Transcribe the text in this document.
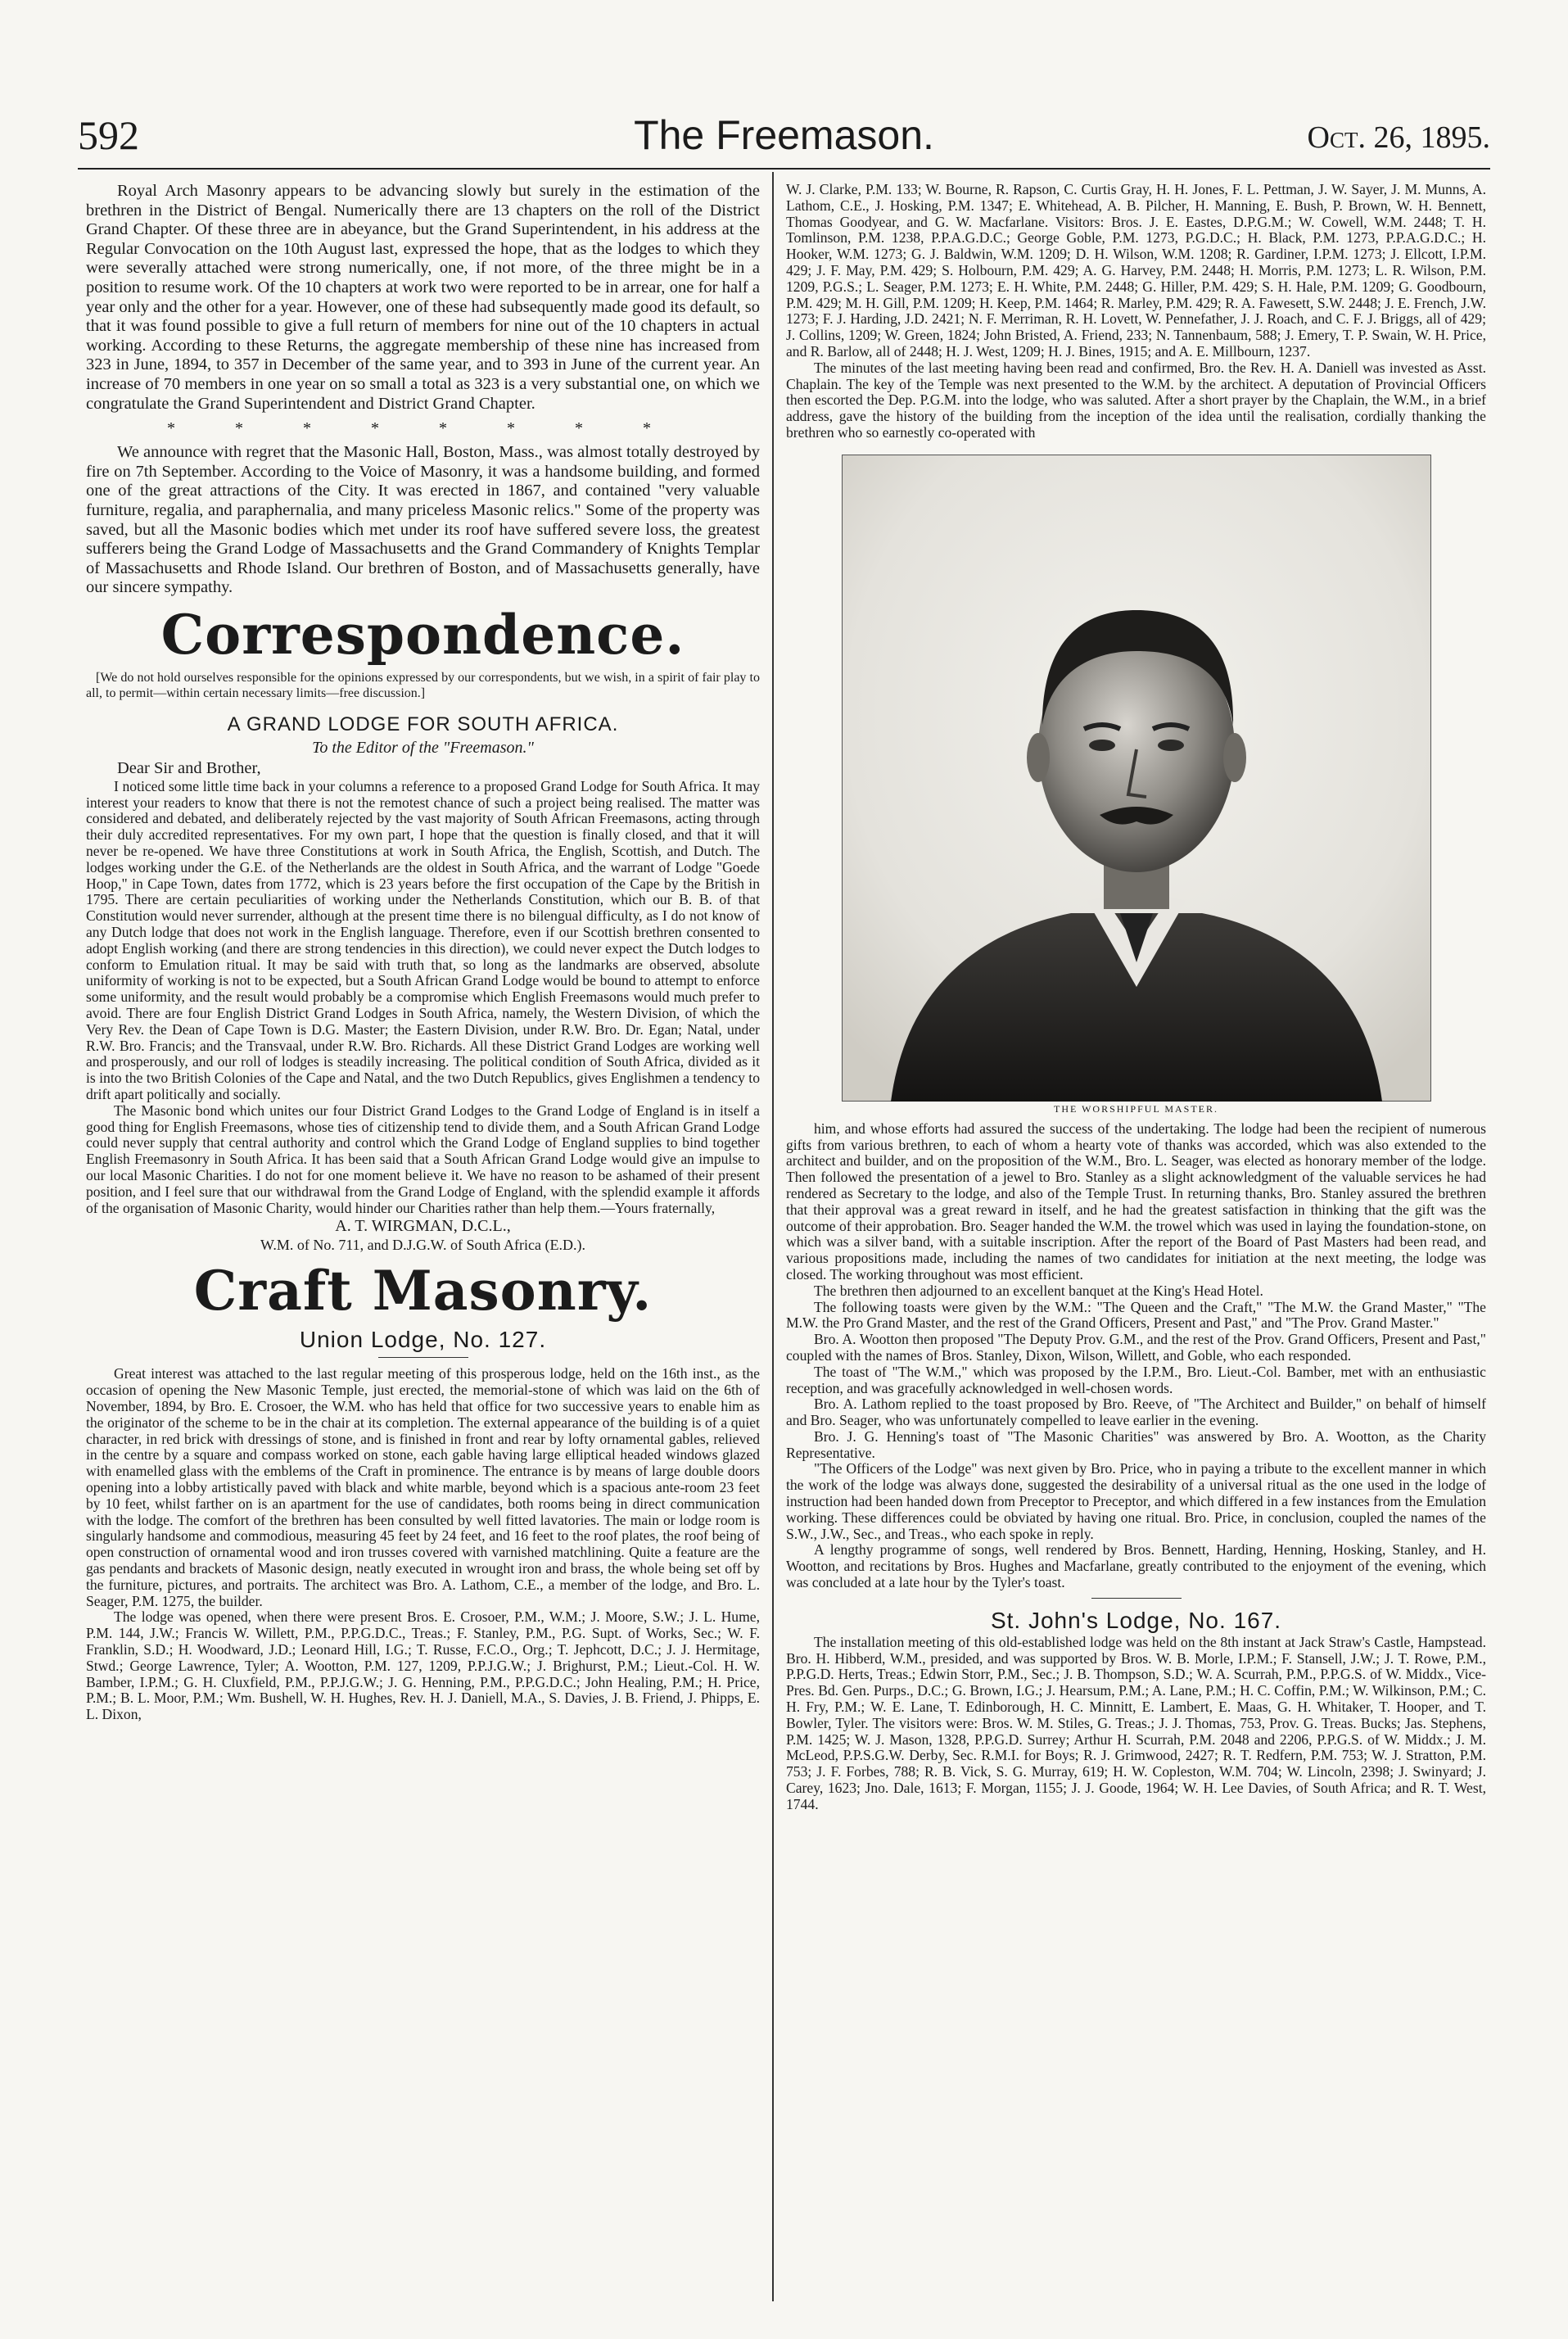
592	The Freemason.	Oct. 26, 1895.

Royal Arch Masonry appears to be advancing slowly but surely in the estimation of the brethren in the District of Bengal. Numerically there are 13 chapters on the roll of the District Grand Chapter. Of these three are in abeyance, but the Grand Superintendent, in his address at the Regular Convocation on the 10th August last, expressed the hope, that as the lodges to which they were severally attached were strong numerically, one, if not more, of the three might be in a position to resume work. Of the 10 chapters at work two were reported to be in arrear, one for half a year only and the other for a year. However, one of these had subsequently made good its default, so that it was found possible to give a full return of members for nine out of the 10 chapters in actual working. According to these Returns, the aggregate membership of these nine has increased from 323 in June, 1894, to 357 in December of the same year, and to 393 in June of the current year. An increase of 70 members in one year on so small a total as 323 is a very substantial one, on which we congratulate the Grand Superintendent and District Grand Chapter.

* * * * * * * *

We announce with regret that the Masonic Hall, Boston, Mass., was almost totally destroyed by fire on 7th September. According to the Voice of Masonry, it was a handsome building, and formed one of the great attractions of the City. It was erected in 1867, and contained "very valuable furniture, regalia, and paraphernalia, and many priceless Masonic relics." Some of the property was saved, but all the Masonic bodies which met under its roof have suffered severe loss, the greatest sufferers being the Grand Lodge of Massachusetts and the Grand Commandery of Knights Templar of Massachusetts and Rhode Island. Our brethren of Boston, and of Massachusetts generally, have our sincere sympathy.

Correspondence.

[We do not hold ourselves responsible for the opinions expressed by our correspondents, but we wish, in a spirit of fair play to all, to permit—within certain necessary limits—free discussion.]

A GRAND LODGE FOR SOUTH AFRICA.
To the Editor of the "Freemason."
Dear Sir and Brother,

I noticed some little time back in your columns a reference to a proposed Grand Lodge for South Africa. It may interest your readers to know that there is not the remotest chance of such a project being realised. The matter was considered and debated, and deliberately rejected by the vast majority of South African Freemasons, acting through their duly accredited representatives. For my own part, I hope that the question is finally closed, and that it will never be re-opened. We have three Constitutions at work in South Africa, the English, Scottish, and Dutch. The lodges working under the G.E. of the Netherlands are the oldest in South Africa, and the warrant of Lodge "Goede Hoop," in Cape Town, dates from 1772, which is 23 years before the first occupation of the Cape by the British in 1795. There are certain peculiarities of working under the Netherlands Constitution, which our B. B. of that Constitution would never surrender, although at the present time there is no bilengual difficulty, as I do not know of any Dutch lodge that does not work in the English language. Therefore, even if our Scottish brethren consented to adopt English working (and there are strong tendencies in this direction), we could never expect the Dutch lodges to conform to Emulation ritual. It may be said with truth that, so long as the landmarks are observed, absolute uniformity of working is not to be expected, but a South African Grand Lodge would be bound to attempt to enforce some uniformity, and the result would probably be a compromise which English Freemasons would much prefer to avoid. There are four English District Grand Lodges in South Africa, namely, the Western Division, of which the Very Rev. the Dean of Cape Town is D.G. Master; the Eastern Division, under R.W. Bro. Dr. Egan; Natal, under R.W. Bro. Francis; and the Transvaal, under R.W. Bro. Richards. All these District Grand Lodges are working well and prosperously, and our roll of lodges is steadily increasing. The political condition of South Africa, divided as it is into the two British Colonies of the Cape and Natal, and the two Dutch Republics, gives Englishmen a tendency to drift apart politically and socially.

The Masonic bond which unites our four District Grand Lodges to the Grand Lodge of England is in itself a good thing for English Freemasons, whose ties of citizenship tend to divide them, and a South African Grand Lodge could never supply that central authority and control which the Grand Lodge of England supplies to bind together English Freemasonry in South Africa. It has been said that a South African Grand Lodge would give an impulse to our local Masonic Charities. I do not for one moment believe it. We have no reason to be ashamed of their present position, and I feel sure that our withdrawal from the Grand Lodge of England, with the splendid example it affords of the organisation of Masonic Charity, would hinder our Charities rather than help them.—Yours fraternally,

A. T. WIRGMAN, D.C.L.,
W.M. of No. 711, and D.J.G.W. of South Africa (E.D.).
Craft Masonry.
Union Lodge, No. 127.

Great interest was attached to the last regular meeting of this prosperous lodge, held on the 16th inst., as the occasion of opening the New Masonic Temple, just erected, the memorial-stone of which was laid on the 6th of November, 1894, by Bro. E. Crosoer, the W.M. who has held that office for two successive years to enable him as the originator of the scheme to be in the chair at its completion. The external appearance of the building is of a quiet character, in red brick with dressings of stone, and is finished in front and rear by lofty ornamental gables, relieved in the centre by a square and compass worked on stone, each gable having large elliptical headed windows glazed with enamelled glass with the emblems of the Craft in prominence. The entrance is by means of large double doors opening into a lobby artistically paved with black and white marble, beyond which is a spacious ante-room 23 feet by 10 feet, whilst farther on is an apartment for the use of candidates, both rooms being in direct communication with the lodge. The comfort of the brethren has been consulted by well fitted lavatories. The main or lodge room is singularly handsome and commodious, measuring 45 feet by 24 feet, and 16 feet to the roof plates, the roof being of open construction of ornamental wood and iron trusses covered with varnished matchlining. Quite a feature are the gas pendants and brackets of Masonic design, neatly executed in wrought iron and brass, the whole being set off by the furniture, pictures, and portraits. The architect was Bro. A. Lathom, C.E., a member of the lodge, and Bro. L. Seager, P.M. 1275, the builder.

The lodge was opened, when there were present Bros. E. Crosoer, P.M., W.M.; J. Moore, S.W.; J. L. Hume, P.M. 144, J.W.; Francis W. Willett, P.M., P.P.G.D.C., Treas.; F. Stanley, P.M., P.G. Supt. of Works, Sec.; W. F. Franklin, S.D.; H. Woodward, J.D.; Leonard Hill, I.G.; T. Russe, F.C.O., Org.; T. Jephcott, D.C.; J. J. Hermitage, Stwd.; George Lawrence, Tyler; A. Wootton, P.M. 127, 1209, P.P.J.G.W.; J. Brighurst, P.M.; Lieut.-Col. H. W. Bamber, I.P.M.; G. H. Cluxfield, P.M., P.P.J.G.W.; J. G. Henning, P.M., P.P.G.D.C.; John Healing, P.M.; H. Price, P.M.; B. L. Moor, P.M.; Wm. Bushell, W. H. Hughes, Rev. H. J. Daniell, M.A., S. Davies, J. B. Friend, J. Phipps, E. L. Dixon,

W. J. Clarke, P.M. 133; W. Bourne, R. Rapson, C. Curtis Gray, H. H. Jones, F. L. Pettman, J. W. Sayer, J. M. Munns, A. Lathom, C.E., J. Hosking, P.M. 1347; E. Whitehead, A. B. Pilcher, H. Manning, E. Bush, P. Brown, W. H. Bennett, Thomas Goodyear, and G. W. Macfarlane. Visitors: Bros. J. E. Eastes, D.P.G.M.; W. Cowell, W.M. 2448; T. H. Tomlinson, P.M. 1238, P.P.A.G.D.C.; George Goble, P.M. 1273, P.G.D.C.; H. Black, P.M. 1273, P.P.A.G.D.C.; H. Hooker, W.M. 1273; G. J. Baldwin, W.M. 1209; D. H. Wilson, W.M. 1208; R. Gardiner, I.P.M. 1273; J. Ellcott, I.P.M. 429; J. F. May, P.M. 429; S. Holbourn, P.M. 429; A. G. Harvey, P.M. 2448; H. Morris, P.M. 1273; L. R. Wilson, P.M. 1209, P.G.S.; L. Seager, P.M. 1273; E. H. White, P.M. 2448; G. Hiller, P.M. 429; S. H. Hale, P.M. 1209; G. Goodbourn, P.M. 429; M. H. Gill, P.M. 1209; H. Keep, P.M. 1464; R. Marley, P.M. 429; R. A. Fawesett, S.W. 2448; J. E. French, J.W. 1273; F. J. Harding, J.D. 2421; N. F. Merriman, R. H. Lovett, W. Pennefather, J. J. Roach, and C. F. J. Briggs, all of 429; J. Collins, 1209; W. Green, 1824; John Bristed, A. Friend, 233; N. Tannenbaum, 588; J. Emery, T. P. Swain, W. H. Price, and R. Barlow, all of 2448; H. J. West, 1209; H. J. Bines, 1915; and A. E. Millbourn, 1237.

The minutes of the last meeting having been read and confirmed, Bro. the Rev. H. A. Daniell was invested as Asst. Chaplain. The key of the Temple was next presented to the W.M. by the architect. A deputation of Provincial Officers then escorted the Dep. P.G.M. into the lodge, who was saluted. After a short prayer by the Chaplain, the W.M., in a brief address, gave the history of the building from the inception of the idea until the realisation, cordially thanking the brethren who so earnestly co-operated with

THE WORSHIPFUL MASTER.

him, and whose efforts had assured the success of the undertaking. The lodge had been the recipient of numerous gifts from various brethren, to each of whom a hearty vote of thanks was accorded, which was also extended to the architect and builder, and on the proposition of the W.M., Bro. L. Seager, was elected as honorary member of the lodge. Then followed the presentation of a jewel to Bro. Stanley as a slight acknowledgment of the valuable services he had rendered as Secretary to the lodge, and also of the Temple Trust. In returning thanks, Bro. Stanley assured the brethren that their approval was a great reward in itself, and he had the greatest satisfaction in thinking that the gift was the outcome of their approbation. Bro. Seager handed the W.M. the trowel which was used in laying the foundation-stone, on which was a silver band, with a suitable inscription. After the report of the Board of Past Masters had been read, and various propositions made, including the names of two candidates for initiation at the next meeting, the lodge was closed. The working throughout was most efficient.

The brethren then adjourned to an excellent banquet at the King's Head Hotel.

The following toasts were given by the W.M.: "The Queen and the Craft," "The M.W. the Grand Master," "The M.W. the Pro Grand Master, and the rest of the Grand Officers, Present and Past," and "The Prov. Grand Master."

Bro. A. Wootton then proposed "The Deputy Prov. G.M., and the rest of the Prov. Grand Officers, Present and Past," coupled with the names of Bros. Stanley, Dixon, Wilson, Willett, and Goble, who each responded.

The toast of "The W.M.," which was proposed by the I.P.M., Bro. Lieut.-Col. Bamber, met with an enthusiastic reception, and was gracefully acknowledged in well-chosen words.

Bro. A. Lathom replied to the toast proposed by Bro. Reeve, of "The Architect and Builder," on behalf of himself and Bro. Seager, who was unfortunately compelled to leave earlier in the evening.

Bro. J. G. Henning's toast of "The Masonic Charities" was answered by Bro. A. Wootton, as the Charity Representative.

"The Officers of the Lodge" was next given by Bro. Price, who in paying a tribute to the excellent manner in which the work of the lodge was always done, suggested the desirability of a universal ritual as the one used in the lodge of instruction had been handed down from Preceptor to Preceptor, and which differed in a few instances from the Emulation working. These differences could be obviated by having one ritual. Bro. Price, in conclusion, coupled the names of the S.W., J.W., Sec., and Treas., who each spoke in reply.

A lengthy programme of songs, well rendered by Bros. Bennett, Harding, Henning, Hosking, Stanley, and H. Wootton, and recitations by Bros. Hughes and Macfarlane, greatly contributed to the enjoyment of the evening, which was concluded at a late hour by the Tyler's toast.

St. John's Lodge, No. 167.

The installation meeting of this old-established lodge was held on the 8th instant at Jack Straw's Castle, Hampstead. Bro. H. Hibberd, W.M., presided, and was supported by Bros. W. B. Morle, I.P.M.; F. Stansell, J.W.; J. T. Rowe, P.M., P.P.G.D. Herts, Treas.; Edwin Storr, P.M., Sec.; J. B. Thompson, S.D.; W. A. Scurrah, P.M., P.P.G.S. of W. Middx., Vice-Pres. Bd. Gen. Purps., D.C.; G. Brown, I.G.; J. Hearsum, P.M.; A. Lane, P.M.; H. C. Coffin, P.M.; W. Wilkinson, P.M.; C. H. Fry, P.M.; W. E. Lane, T. Edinborough, H. C. Minnitt, E. Lambert, E. Maas, G. H. Whitaker, T. Hooper, and T. Bowler, Tyler. The visitors were: Bros. W. M. Stiles, G. Treas.; J. J. Thomas, 753, Prov. G. Treas. Bucks; Jas. Stephens, P.M. 1425; W. J. Mason, 1328, P.P.G.D. Surrey; Arthur H. Scurrah, P.M. 2048 and 2206, P.P.G.S. of W. Middx.; J. M. McLeod, P.P.S.G.W. Derby, Sec. R.M.I. for Boys; R. J. Grimwood, 2427; R. T. Redfern, P.M. 753; W. J. Stratton, P.M. 753; J. F. Forbes, 788; R. B. Vick, S. G. Murray, 619; H. W. Copleston, W.M. 704; W. Lincoln, 2398; J. Swinyard; J. Carey, 1623; Jno. Dale, 1613; F. Morgan, 1155; J. J. Goode, 1964; W. H. Lee Davies, of South Africa; and R. T. West, 1744.
